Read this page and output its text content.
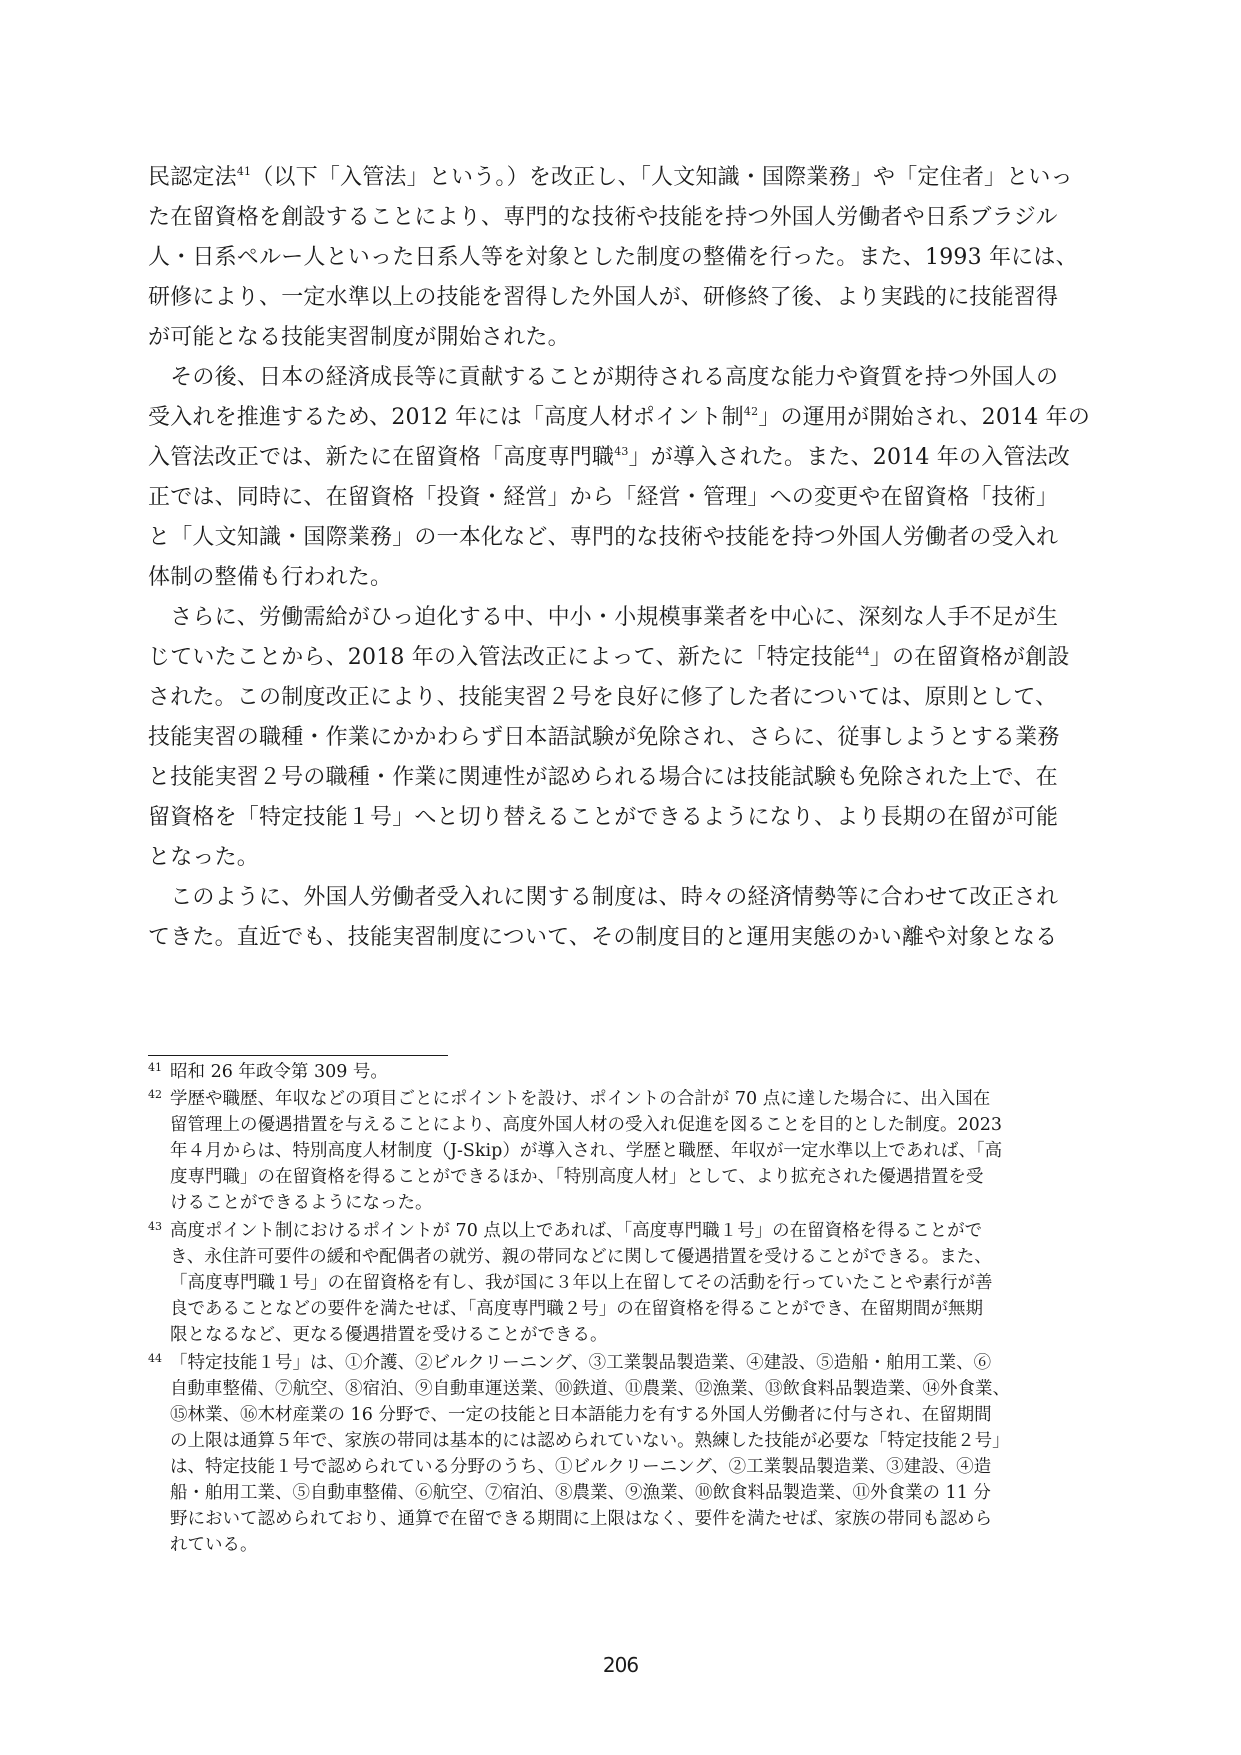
民認定法$^{41}$（以下「入管法」という。）を改正し、「人文知識・国際業務」や「定住者」といっ
た在留資格を創設することにより、専門的な技術や技能を持つ外国人労働者や日系ブラジル
人・日系ペルー人といった日系人等を対象とした制度の整備を行った。また、1993 年には、
研修により、一定水準以上の技能を習得した外国人が、研修終了後、より実践的に技能習得
が可能となる技能実習制度が開始された。
　その後、日本の経済成長等に貢献することが期待される高度な能力や資質を持つ外国人の
受入れを推進するため、2012 年には「高度人材ポイント制$^{42}$」の運用が開始され、2014 年の
入管法改正では、新たに在留資格「高度専門職$^{43}$」が導入された。また、2014 年の入管法改
正では、同時に、在留資格「投資・経営」から「経営・管理」への変更や在留資格「技術」
と「人文知識・国際業務」の一本化など、専門的な技術や技能を持つ外国人労働者の受入れ
体制の整備も行われた。
　さらに、労働需給がひっ迫化する中、中小・小規模事業者を中心に、深刻な人手不足が生
じていたことから、2018 年の入管法改正によって、新たに「特定技能$^{44}$」の在留資格が創設
された。この制度改正により、技能実習２号を良好に修了した者については、原則として、
技能実習の職種・作業にかかわらず日本語試験が免除され、さらに、従事しようとする業務
と技能実習２号の職種・作業に関連性が認められる場合には技能試験も免除された上で、在
留資格を「特定技能１号」へと切り替えることができるようになり、より長期の在留が可能
となった。
　このように、外国人労働者受入れに関する制度は、時々の経済情勢等に合わせて改正され
てきた。直近でも、技能実習制度について、その制度目的と運用実態のかい離や対象となる
41 昭和 26 年政令第 309 号。
42 学歴や職歴、年収などの項目ごとにポイントを設け、ポイントの合計が 70 点に達した場合に、出入国在
留管理上の優遇措置を与えることにより、高度外国人材の受入れ促進を図ることを目的とした制度。2023
年４月からは、特別高度人材制度（J-Skip）が導入され、学歴と職歴、年収が一定水準以上であれば、「高
度専門職」の在留資格を得ることができるほか、「特別高度人材」として、より拡充された優遇措置を受
けることができるようになった。
43 高度ポイント制におけるポイントが 70 点以上であれば、「高度専門職１号」の在留資格を得ることがで
き、永住許可要件の緩和や配偶者の就労、親の帯同などに関して優遇措置を受けることができる。また、
「高度専門職１号」の在留資格を有し、我が国に３年以上在留してその活動を行っていたことや素行が善
良であることなどの要件を満たせば、「高度専門職２号」の在留資格を得ることができ、在留期間が無期
限となるなど、更なる優遇措置を受けることができる。
44 「特定技能１号」は、①介護、②ビルクリーニング、③工業製品製造業、④建設、⑤造船・舶用工業、⑥
自動車整備、⑦航空、⑧宿泊、⑨自動車運送業、⑩鉄道、⑪農業、⑫漁業、⑬飲食料品製造業、⑭外食業、
⑮林業、⑯木材産業の 16 分野で、一定の技能と日本語能力を有する外国人労働者に付与され、在留期間
の上限は通算５年で、家族の帯同は基本的には認められていない。熟練した技能が必要な「特定技能２号」
は、特定技能１号で認められている分野のうち、①ビルクリーニング、②工業製品製造業、③建設、④造
船・舶用工業、⑤自動車整備、⑥航空、⑦宿泊、⑧農業、⑨漁業、⑩飲食料品製造業、⑪外食業の 11 分
野において認められており、通算で在留できる期間に上限はなく、要件を満たせば、家族の帯同も認めら
れている。
206
